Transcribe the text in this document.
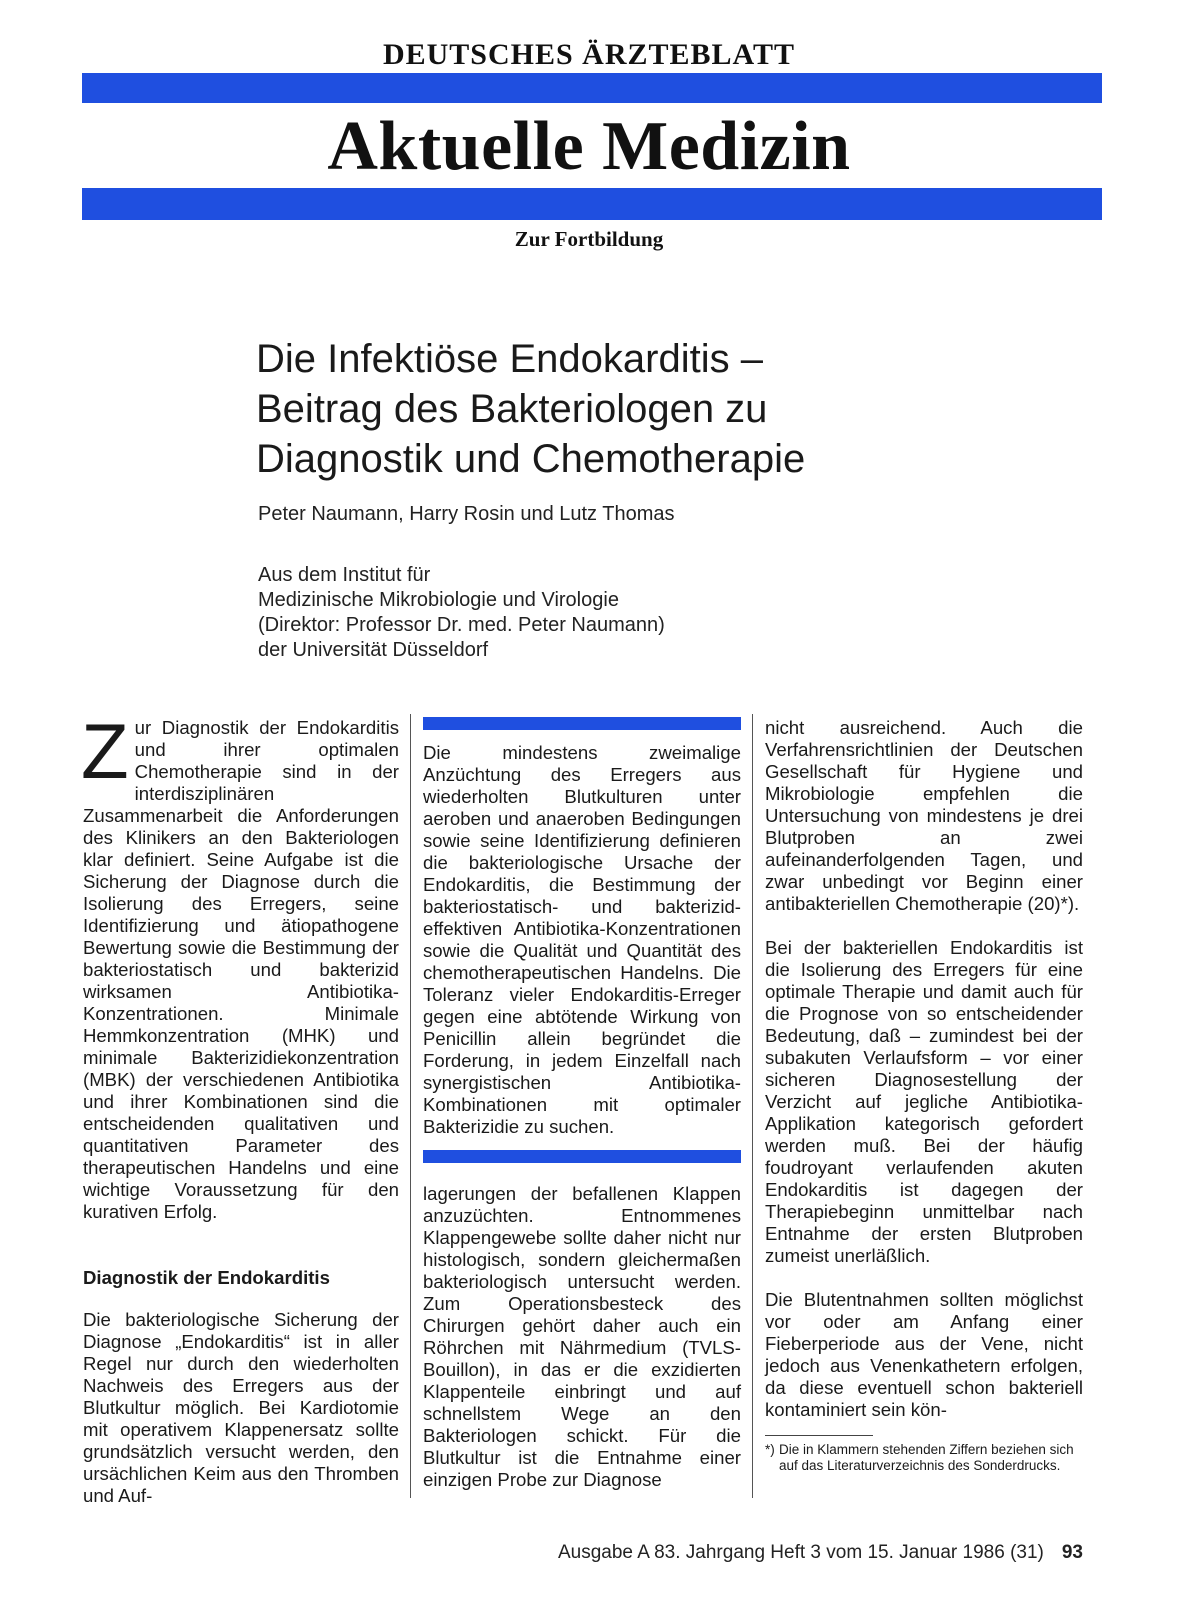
DEUTSCHES ÄRZTEBLATT
Aktuelle Medizin
Zur Fortbildung
Die Infektiöse Endokarditis –
Beitrag des Bakteriologen zu
Diagnostik und Chemotherapie
Peter Naumann, Harry Rosin und Lutz Thomas
Aus dem Institut für
Medizinische Mikrobiologie und Virologie
(Direktor: Professor Dr. med. Peter Naumann)
der Universität Düsseldorf

Zur Diagnostik der Endokarditis und ihrer optimalen Chemotherapie sind in der interdisziplinären Zusammenarbeit die Anforderungen des Klinikers an den Bakteriologen klar definiert. Seine Aufgabe ist die Sicherung der Diagnose durch die Isolierung des Erregers, seine Identifizierung und ätiopathogene Bewertung sowie die Bestimmung der bakteriostatisch und bakterizid wirksamen Antibiotika-Konzentrationen. Minimale Hemmkonzentration (MHK) und minimale Bakterizidiekonzentration (MBK) der verschiedenen Antibiotika und ihrer Kombinationen sind die entscheidenden qualitativen und quantitativen Parameter des therapeutischen Handelns und eine wichtige Voraussetzung für den kurativen Erfolg.

Diagnostik der Endokarditis

Die bakteriologische Sicherung der Diagnose „Endokarditis“ ist in aller Regel nur durch den wiederholten Nachweis des Erregers aus der Blutkultur möglich. Bei Kardiotomie mit operativem Klappenersatz sollte grundsätzlich versucht werden, den ursächlichen Keim aus den Thromben und Auf-

Die mindestens zweimalige Anzüchtung des Erregers aus wiederholten Blutkulturen unter aeroben und anaeroben Bedingungen sowie seine Identifizierung definieren die bakteriologische Ursache der Endokarditis, die Bestimmung der bakteriostatisch- und bakterizid-effektiven Antibiotika-Konzentrationen sowie die Qualität und Quantität des chemotherapeutischen Handelns. Die Toleranz vieler Endokarditis-Erreger gegen eine abtötende Wirkung von Penicillin allein begründet die Forderung, in jedem Einzelfall nach synergistischen Antibiotika-Kombinationen mit optimaler Bakterizidie zu suchen.

lagerungen der befallenen Klappen anzuzüchten. Entnommenes Klappengewebe sollte daher nicht nur histologisch, sondern gleichermaßen bakteriologisch untersucht werden. Zum Operationsbesteck des Chirurgen gehört daher auch ein Röhrchen mit Nährmedium (TVLS-Bouillon), in das er die exzidierten Klappenteile einbringt und auf schnellstem Wege an den Bakteriologen schickt. Für die Blutkultur ist die Entnahme einer einzigen Probe zur Diagnose

nicht ausreichend. Auch die Verfahrensrichtlinien der Deutschen Gesellschaft für Hygiene und Mikrobiologie empfehlen die Untersuchung von mindestens je drei Blutproben an zwei aufeinanderfolgenden Tagen, und zwar unbedingt vor Beginn einer antibakteriellen Chemotherapie (20)*).

Bei der bakteriellen Endokarditis ist die Isolierung des Erregers für eine optimale Therapie und damit auch für die Prognose von so entscheidender Bedeutung, daß – zumindest bei der subakuten Verlaufsform – vor einer sicheren Diagnosestellung der Verzicht auf jegliche Antibiotika-Applikation kategorisch gefordert werden muß. Bei der häufig foudroyant verlaufenden akuten Endokarditis ist dagegen der Therapiebeginn unmittelbar nach Entnahme der ersten Blutproben zumeist unerläßlich.

Die Blutentnahmen sollten möglichst vor oder am Anfang einer Fieberperiode aus der Vene, nicht jedoch aus Venenkathetern erfolgen, da diese eventuell schon bakteriell kontaminiert sein kön-

*) Die in Klammern stehenden Ziffern beziehen sich auf das Literaturverzeichnis des Sonderdrucks.
Ausgabe A 83. Jahrgang Heft 3 vom 15. Januar 1986 (31) 93
